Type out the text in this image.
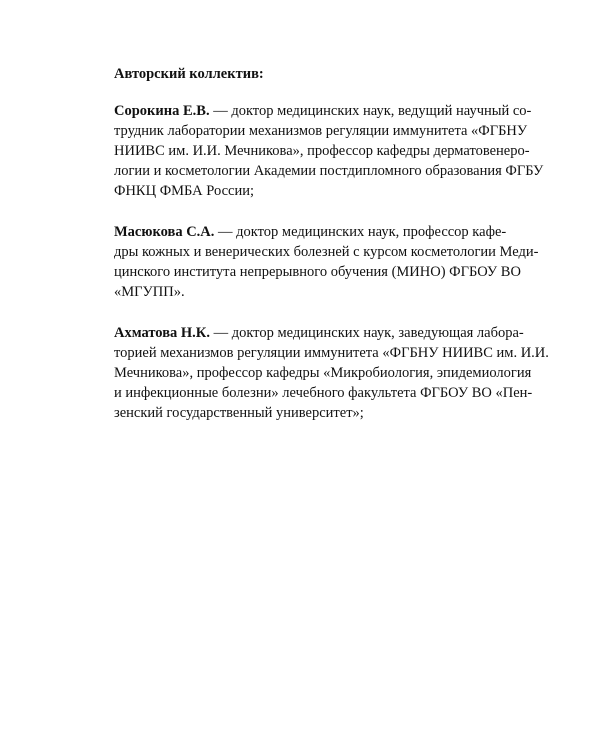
Авторский коллектив:
Сорокина Е.В. — доктор медицинских наук, ведущий научный со-
трудник лаборатории механизмов регуляции иммунитета «ФГБНУ
НИИВС им. И.И. Мечникова», профессор кафедры дерматовенеро-
логии и косметологии Академии постдипломного образования ФГБУ
ФНКЦ ФМБА России;
Масюкова С.А. — доктор медицинских наук, профессор кафе-
дры кожных и венерических болезней с курсом косметологии Меди-
цинского института непрерывного обучения (МИНО) ФГБОУ ВО
«МГУПП».
Ахматова Н.К. — доктор медицинских наук, заведующая лабора-
торией механизмов регуляции иммунитета «ФГБНУ НИИВС им. И.И.
Мечникова», профессор кафедры «Микробиология, эпидемиология
и инфекционные болезни» лечебного факультета ФГБОУ ВО «Пен-
зенский государственный университет»;
